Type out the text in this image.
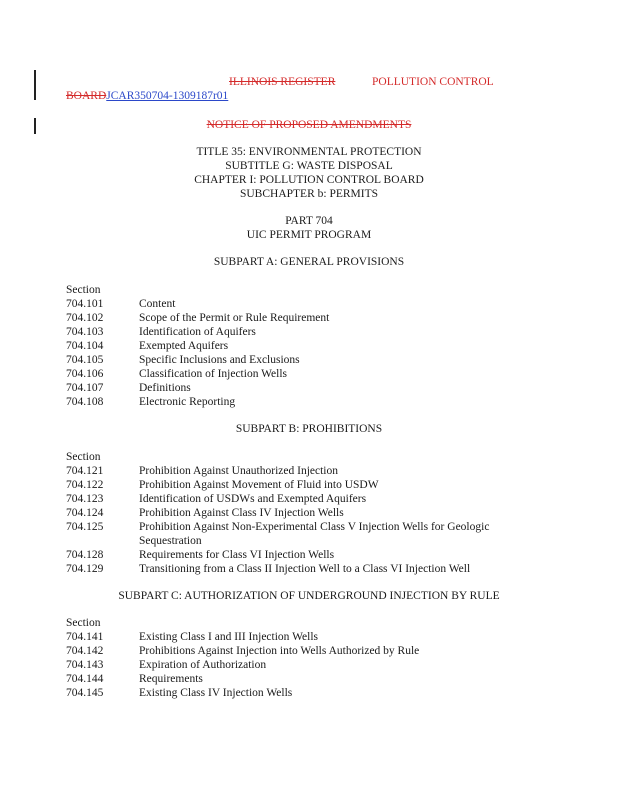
ILLINOIS REGISTER	POLLUTION CONTROL
BOARDJCAR350704-1309187r01
NOTICE OF PROPOSED AMENDMENTS
TITLE 35: ENVIRONMENTAL PROTECTION
SUBTITLE G: WASTE DISPOSAL
CHAPTER I: POLLUTION CONTROL BOARD
SUBCHAPTER b: PERMITS
PART 704
UIC PERMIT PROGRAM
SUBPART A: GENERAL PROVISIONS
Section
704.101	Content
704.102	Scope of the Permit or Rule Requirement
704.103	Identification of Aquifers
704.104	Exempted Aquifers
704.105	Specific Inclusions and Exclusions
704.106	Classification of Injection Wells
704.107	Definitions
704.108	Electronic Reporting
SUBPART B: PROHIBITIONS
Section
704.121	Prohibition Against Unauthorized Injection
704.122	Prohibition Against Movement of Fluid into USDW
704.123	Identification of USDWs and Exempted Aquifers
704.124	Prohibition Against Class IV Injection Wells
704.125	Prohibition Against Non-Experimental Class V Injection Wells for Geologic
Sequestration
704.128	Requirements for Class VI Injection Wells
704.129	Transitioning from a Class II Injection Well to a Class VI Injection Well
SUBPART C: AUTHORIZATION OF UNDERGROUND INJECTION BY RULE
Section
704.141	Existing Class I and III Injection Wells
704.142	Prohibitions Against Injection into Wells Authorized by Rule
704.143	Expiration of Authorization
704.144	Requirements
704.145	Existing Class IV Injection Wells
